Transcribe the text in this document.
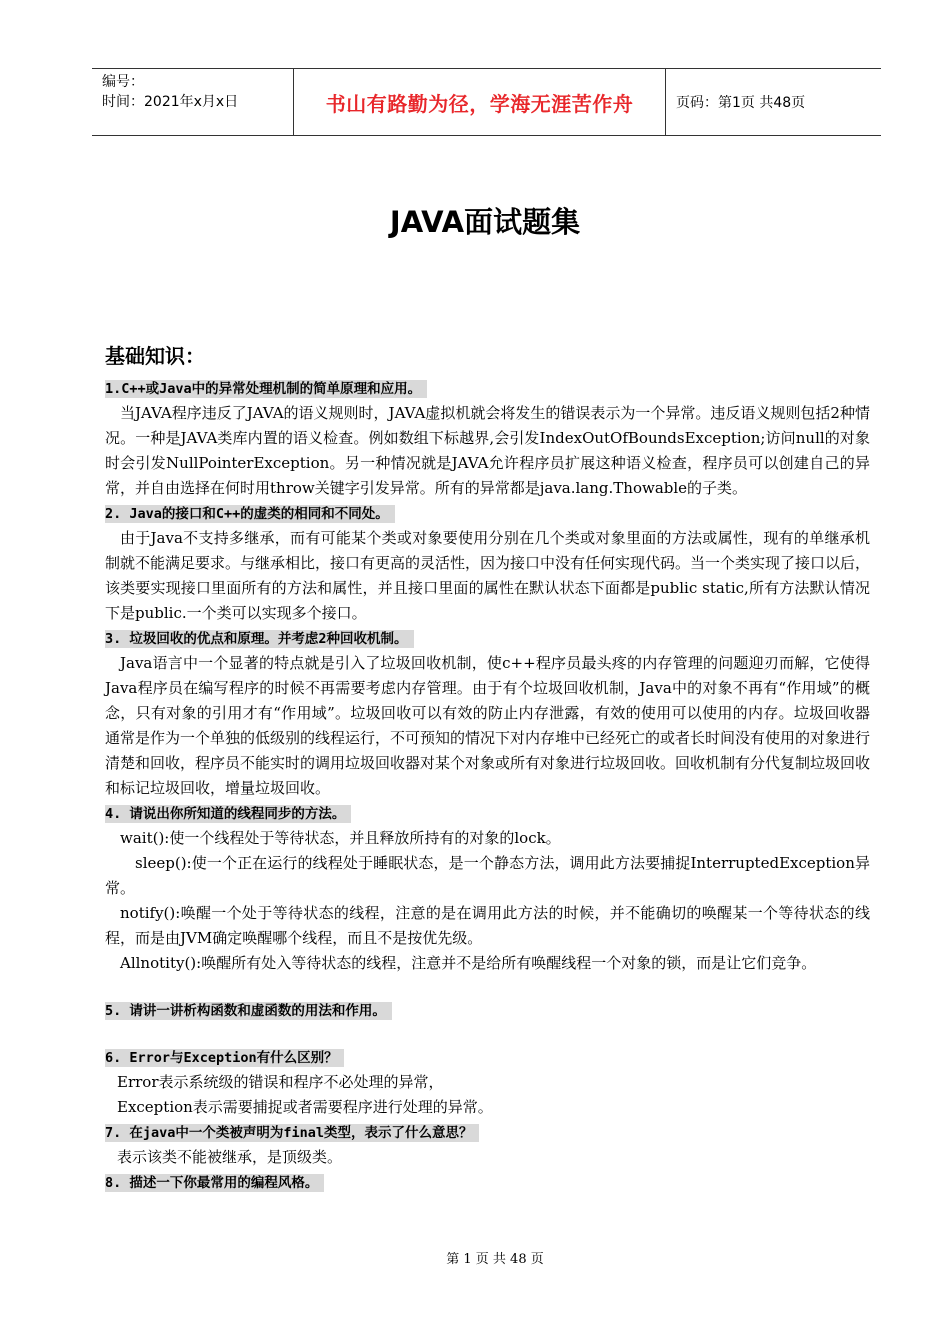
编号：
时间：2021年x月x日	书山有路勤为径，学海无涯苦作舟	页码：第1页 共48页
JAVA面试题集
基础知识：

1.C++或Java中的异常处理机制的简单原理和应用。

当JAVA程序违反了JAVA的语义规则时，JAVA虚拟机就会将发生的错误表示为一个异常。违反语义规则包括2种情况。一种是JAVA类库内置的语义检查。例如数组下标越界,会引发IndexOutOfBoundsException;访问null的对象时会引发NullPointerException。另一种情况就是JAVA允许程序员扩展这种语义检查，程序员可以创建自己的异常，并自由选择在何时用throw关键字引发异常。所有的异常都是java.lang.Thowable的子类。

2. Java的接口和C++的虚类的相同和不同处。

由于Java不支持多继承，而有可能某个类或对象要使用分别在几个类或对象里面的方法或属性，现有的单继承机制就不能满足要求。与继承相比，接口有更高的灵活性，因为接口中没有任何实现代码。当一个类实现了接口以后，该类要实现接口里面所有的方法和属性，并且接口里面的属性在默认状态下面都是public static,所有方法默认情况下是public.一个类可以实现多个接口。

3. 垃圾回收的优点和原理。并考虑2种回收机制。

Java语言中一个显著的特点就是引入了垃圾回收机制，使c++程序员最头疼的内存管理的问题迎刃而解，它使得Java程序员在编写程序的时候不再需要考虑内存管理。由于有个垃圾回收机制，Java中的对象不再有“作用域”的概念，只有对象的引用才有“作用域”。垃圾回收可以有效的防止内存泄露，有效的使用可以使用的内存。垃圾回收器通常是作为一个单独的低级别的线程运行，不可预知的情况下对内存堆中已经死亡的或者长时间没有使用的对象进行清楚和回收，程序员不能实时的调用垃圾回收器对某个对象或所有对象进行垃圾回收。回收机制有分代复制垃圾回收和标记垃圾回收，增量垃圾回收。

4. 请说出你所知道的线程同步的方法。

wait():使一个线程处于等待状态，并且释放所持有的对象的lock。

sleep():使一个正在运行的线程处于睡眠状态，是一个静态方法，调用此方法要捕捉InterruptedException异常。

notify():唤醒一个处于等待状态的线程，注意的是在调用此方法的时候，并不能确切的唤醒某一个等待状态的线程，而是由JVM确定唤醒哪个线程，而且不是按优先级。

Allnotity():唤醒所有处入等待状态的线程，注意并不是给所有唤醒线程一个对象的锁，而是让它们竞争。

5. 请讲一讲析构函数和虚函数的用法和作用。

6. Error与Exception有什么区别？

Error表示系统级的错误和程序不必处理的异常，

Exception表示需要捕捉或者需要程序进行处理的异常。

7. 在java中一个类被声明为final类型，表示了什么意思？

表示该类不能被继承，是顶级类。

8. 描述一下你最常用的编程风格。

第 1 页 共 48 页
